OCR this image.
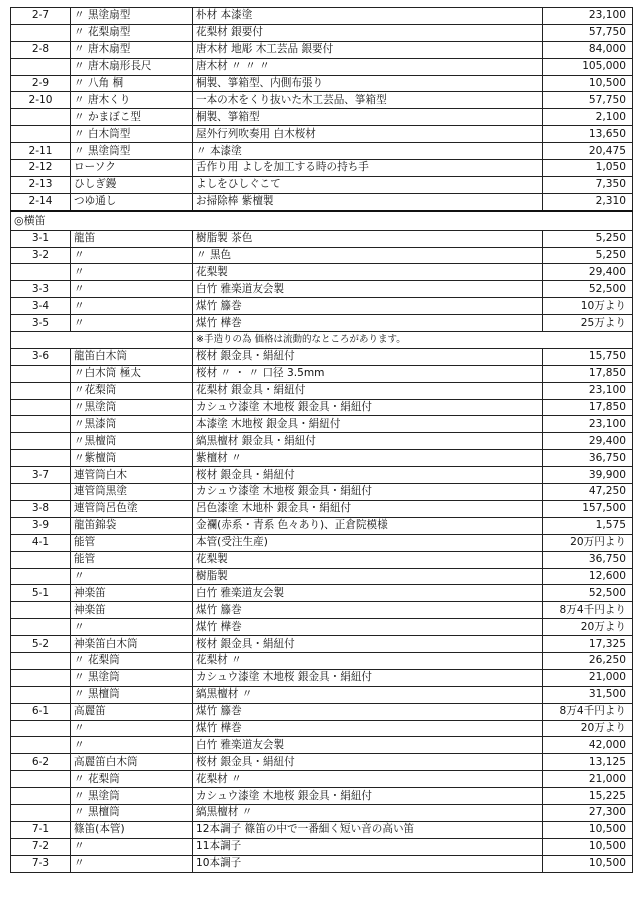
2-7	〃 黒塗扇型	朴材 本漆塗	23,100
	〃 花梨扇型	花梨材 銀要付	57,750
2-8	〃 唐木扇型	唐木材 地彫 木工芸品 銀要付	84,000
	〃 唐木扇形長尺	唐木材 〃 〃 〃	105,000
2-9	〃 八角 桐	桐製、箏箱型、内側布張り	10,500
2-10	〃 唐木くり	一本の木をくり抜いた木工芸品、箏箱型	57,750
	〃 かまぼこ型	桐製、箏箱型	2,100
	〃 白木筒型	屋外行列吹奏用 白木桜材	13,650
2-11	〃 黒塗筒型	〃 本漆塗	20,475
2-12	ローソク	舌作り用 よしを加工する時の持ち手	1,050
2-13	ひしぎ鏝	よしをひしぐこて	7,350
2-14	つゆ通し	お掃除棒 紫檀製	2,310
◎横笛			
3-1	龍笛	樹脂製 茶色	5,250
3-2	〃	〃 黒色	5,250
	〃	花梨製	29,400
3-3	〃	白竹 雅楽道友会製	52,500
3-4	〃	煤竹 籐巻	10万より
3-5	〃	煤竹 樺巻	25万より
		※手造りの為 価格は流動的なところがあります。	
3-6	龍笛白木筒	桜材 銀金具・絹紐付	15,750
	〃白木筒 極太	桜材 〃 ・ 〃 口径 3.5mm	17,850
	〃花梨筒	花梨材 銀金具・絹紐付	23,100
	〃黒塗筒	カシュウ漆塗 木地桜 銀金具・絹紐付	17,850
	〃黒漆筒	本漆塗 木地桜 銀金具・絹紐付	23,100
	〃黒檀筒	縞黒檀材 銀金具・絹紐付	29,400
	〃紫檀筒	紫檀材 〃	36,750
3-7	連管筒白木	桜材 銀金具・絹紐付	39,900
	連管筒黒塗	カシュウ漆塗 木地桜 銀金具・絹紐付	47,250
3-8	連管筒呂色塗	呂色漆塗 木地朴 銀金具・絹紐付	157,500
3-9	龍笛錦袋	金襴(赤系・青系 色々あり)、正倉院模様	1,575
4-1	能管	本管(受注生産)	20万円より
	能管	花梨製	36,750
	〃	樹脂製	12,600
5-1	神楽笛	白竹 雅楽道友会製	52,500
	神楽笛	煤竹 籐巻	8万4千円より
	〃	煤竹 樺巻	20万より
5-2	神楽笛白木筒	桜材 銀金具・絹紐付	17,325
	〃 花梨筒	花梨材 〃	26,250
	〃 黒塗筒	カシュウ漆塗 木地桜 銀金具・絹紐付	21,000
	〃 黒檀筒	縞黒檀材 〃	31,500
6-1	高麗笛	煤竹 籐巻	8万4千円より
	〃	煤竹 樺巻	20万より
	〃	白竹 雅楽道友会製	42,000
6-2	高麗笛白木筒	桜材 銀金具・絹紐付	13,125
	〃 花梨筒	花梨材 〃	21,000
	〃 黒塗筒	カシュウ漆塗 木地桜 銀金具・絹紐付	15,225
	〃 黒檀筒	縞黒檀材 〃	27,300
7-1	篠笛(本管)	12本調子 篠笛の中で一番細く短い音の高い笛	10,500
7-2	〃	11本調子	10,500
7-3	〃	10本調子	10,500
